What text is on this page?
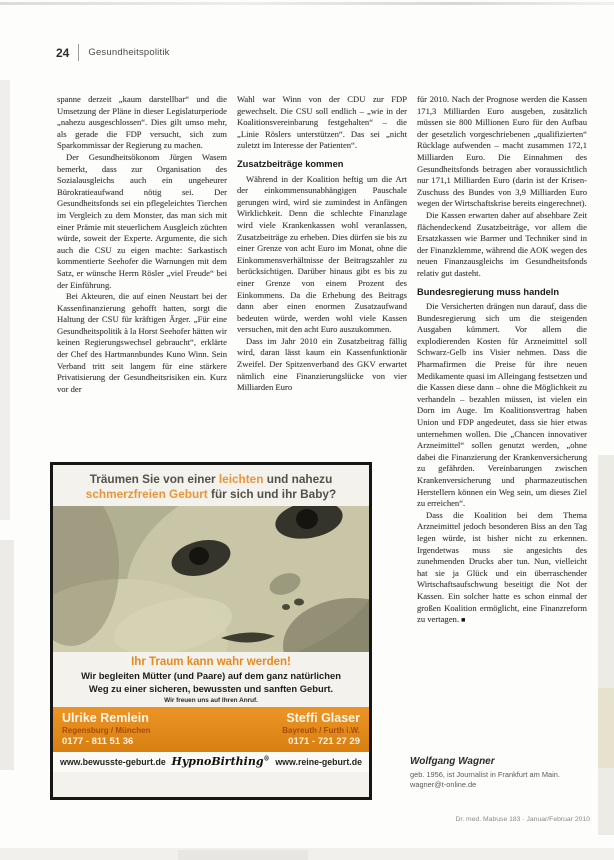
24 Gesundheitspolitik

spanne derzeit „kaum darstellbar“ und die Umsetzung der Pläne in dieser Legislaturperiode „nahezu ausgeschlossen“. Dies gilt umso mehr, als gerade die FDP versucht, sich zum Sparkommissar der Regierung zu machen.

Der Gesundheitsökonom Jürgen Wasem bemerkt, dass zur Organisation des Sozialausgleichs auch ein ungeheurer Bürokratieaufwand nötig sei. Der Gesundheitsfonds sei ein pflegeleichtes Tierchen im Vergleich zu dem Monster, das man sich mit einer Prämie mit steuerlichem Ausgleich züchten würde, soweit der Experte. Argumente, die sich auch die CSU zu eigen machte: Sarkastisch kommentierte Seehofer die Warnungen mit dem Satz, er wünsche Herrn Rösler „viel Freude“ bei der Einführung.

Bei Akteuren, die auf einen Neustart bei der Kassenfinanzierung gehofft hatten, sorgt die Haltung der CSU für kräftigen Ärger. „Für eine Gesundheitspolitik à la Horst Seehofer hätten wir keinen Regierungswechsel gebraucht“, erklärte der Chef des Hartmannbundes Kuno Winn. Sein Verband tritt seit langem für eine stärkere Privatisierung der Gesundheitsrisiken ein. Kurz vor der

Wahl war Winn von der CDU zur FDP gewechselt. Die CSU soll endlich – „wie in der Koalitionsvereinbarung festgehalten“ – die „Linie Röslers unterstützen“. Das sei „nicht zuletzt im Interesse der Patienten“.

Zusatzbeiträge kommen

Während in der Koalition heftig um die Art der einkommensunabhängigen Pauschale gerungen wird, wird sie zumindest in Anfängen Wirklichkeit. Denn die schlechte Finanzlage wird viele Krankenkassen wohl veranlassen, Zusatzbeiträge zu erheben. Dies dürfen sie bis zu einer Grenze von acht Euro im Monat, ohne die Einkommensverhältnisse der Beitragszahler zu berücksichtigen. Darüber hinaus gibt es bis zu einer Grenze von einem Prozent des Einkommens. Da die Erhebung des Beitrags dann aber einen enormen Zusatzaufwand bedeuten würde, werden wohl viele Kassen versuchen, mit den acht Euro auszukommen.

Dass im Jahr 2010 ein Zusatzbeitrag fällig wird, daran lässt kaum ein Kassenfunktionär Zweifel. Der Spitzenverband des GKV erwartet nämlich eine Finanzierungslücke von vier Milliarden Euro

für 2010. Nach der Prognose werden die Kassen 171,3 Milliarden Euro ausgeben, zusätzlich müssen sie 800 Millionen Euro für den Aufbau der gesetzlich vorgeschriebenen „qualifizierten“ Rücklage aufwenden – macht zusammen 172,1 Milliarden Euro. Die Einnahmen des Gesundheitsfonds betragen aber voraussichtlich nur 171,1 Milliarden Euro (darin ist der Krisen-Zuschuss des Bundes von 3,9 Milliarden Euro wegen der Wirtschaftskrise bereits eingerechnet).

Die Kassen erwarten daher auf absehbare Zeit flächendeckend Zusatzbeiträge, vor allem die Ersatzkassen wie Barmer und Techniker sind in der Finanzklemme, während die AOK wegen des neuen Finanzausgleichs im Gesundheitsfonds relativ gut dasteht.

Bundesregierung muss handeln

Die Versicherten drängen nun darauf, dass die Bundesregierung sich um die steigenden Ausgaben kümmert. Vor allem die explodierenden Kosten für Arzneimittel soll Schwarz-Gelb ins Visier nehmen. Dass die Pharmafirmen die Preise für ihre neuen Medikamente quasi im Alleingang festsetzen und die Kassen diese dann – ohne die Möglichkeit zu verhandeln – bezahlen müssen, ist vielen ein Dorn im Auge. Im Koalitionsvertrag haben Union und FDP angedeutet, dass sie hier etwas unternehmen wollen. Die „Chancen innovativer Arzneimittel“ sollen genutzt werden, „ohne dabei die Finanzierung der Krankenversicherung zu gefährden. Vereinbarungen zwischen Krankenversicherung und pharmazeutischen Herstellern können ein Weg sein, um dieses Ziel zu erreichen“.

Dass die Koalition bei dem Thema Arzneimittel jedoch besonderen Biss an den Tag legen würde, ist bisher nicht zu erkennen. Irgendetwas muss sie angesichts des zunehmenden Drucks aber tun. Nun, vielleicht hat sie ja Glück und ein überraschender Wirtschaftsaufschwung beseitigt die Not der Kassen. Ein solcher hatte es schon einmal der großen Koalition ermöglicht, eine Finanzreform zu vertagen. ■

Träumen Sie von einer leichten und nahezu
schmerzfreien Geburt für sich und ihr Baby?
Ihr Traum kann wahr werden!
Wir begleiten Mütter (und Paare) auf dem ganz natürlichen
Weg zu einer sicheren, bewussten und sanften Geburt.
Wir freuen uns auf Ihren Anruf.
Ulrike Remlein
Regensburg / München
0177 - 811 51 36
Steffi Glaser
Bayreuth / Furth i.W.
0171 - 721 27 29
www.bewusste-geburt.de HypnoBirthing® www.reine-geburt.de	Wolfgang Wagner
geb. 1956, ist Journalist in Frankfurt am Main.
wagner@t-online.de
Dr. med. Mabuse 183 · Januar/Februar 2010
